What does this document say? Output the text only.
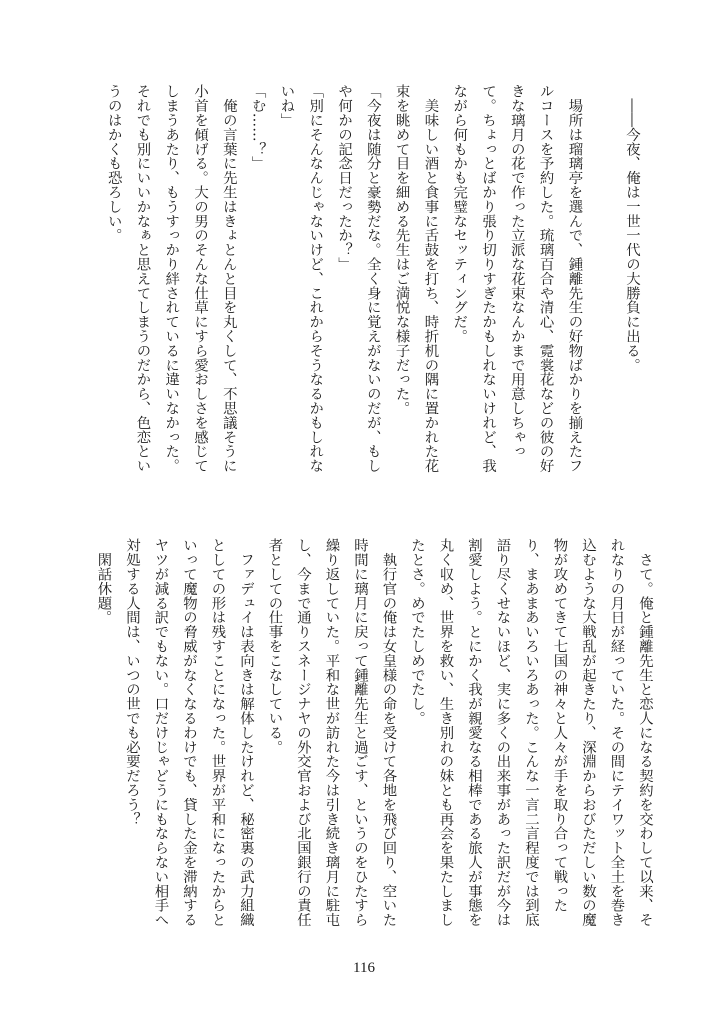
　――今夜、俺は一世一代の大勝負に出る。
　場所は瑠璃亭を選んで、鍾離先生の好物ばかりを揃えたフ
ルコースを予約した。琉璃百合や清心、霓裳花などの彼の好
きな璃月の花で作った立派な花束なんかまで用意しちゃっ
て。ちょっとばかり張り切りすぎたかもしれないけれど、我
ながら何もかも完璧なセッティングだ。
　美味しい酒と食事に舌鼓を打ち、時折机の隅に置かれた花
束を眺めて目を細める先生はご満悦な様子だった。
「今夜は随分と豪勢だな。全く身に覚えがないのだが、もし
や何かの記念日だったか？」
「別にそんなんじゃないけど、これからそうなるかもしれな
いね」
「む……？」
　俺の言葉に先生はきょとんと目を丸くして、不思議そうに
小首を傾げる。大の男のそんな仕草にすら愛おしさを感じて
しまうあたり、もうすっかり絆されているに違いなかった。
それでも別にいいかなぁと思えてしまうのだから、色恋とい
うのはかくも恐ろしい。
　さて。俺と鍾離先生と恋人になる契約を交わして以来、そ
れなりの月日が経っていた。その間にテイワット全土を巻き
込むような大戦乱が起きたり、深淵からおびただしい数の魔
物が攻めてきて七国の神々と人々が手を取り合って戦った
り、まあまあいろいろあった。こんな一言二言程度では到底
語り尽くせないほど、実に多くの出来事があった訳だが今は
割愛しよう。とにかく我が親愛なる相棒である旅人が事態を
丸く収め、世界を救い、生き別れの妹とも再会を果たしまし
たとさ。めでたしめでたし。
　執行官の俺は女皇様の命を受けて各地を飛び回り、空いた
時間に璃月に戻って鍾離先生と過ごす、というのをひたすら
繰り返していた。平和な世が訪れた今は引き続き璃月に駐屯
し、今まで通りスネージナヤの外交官および北国銀行の責任
者としての仕事をこなしている。
　ファデュイは表向きは解体したけれど、秘密裏の武力組織
としての形は残すことになった。世界が平和になったからと
いって魔物の脅威がなくなるわけでも、貸した金を滞納する
ヤツが減る訳でもない。口だけじゃどうにもならない相手へ
対処する人間は、いつの世でも必要だろう？
　閑話休題。
116
